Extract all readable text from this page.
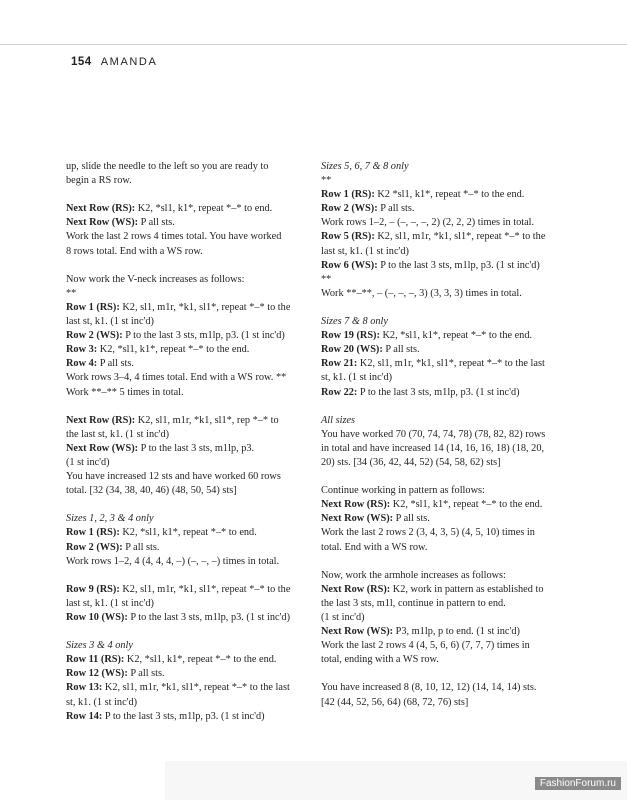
154 AMANDA
up, slide the needle to the left so you are ready to
begin a RS row.
Next Row (RS): K2, *sl1, k1*, repeat *–* to end.
Next Row (WS): P all sts.
Work the last 2 rows 4 times total. You have worked
8 rows total. End with a WS row.
Now work the V-neck increases as follows:
**
Row 1 (RS): K2, sl1, m1r, *k1, sl1*, repeat *–* to the
last st, k1. (1 st inc'd)
Row 2 (WS): P to the last 3 sts, m1lp, p3. (1 st inc'd)
Row 3: K2, *sl1, k1*, repeat *–* to the end.
Row 4: P all sts.
Work rows 3–4, 4 times total. End with a WS row. **
Work **–** 5 times in total.
Next Row (RS): K2, sl1, m1r, *k1, sl1*, rep *–* to
the last st, k1. (1 st inc'd)
Next Row (WS): P to the last 3 sts, m1lp, p3.
(1 st inc'd)
You have increased 12 sts and have worked 60 rows
total. [32 (34, 38, 40, 46) (48, 50, 54) sts]
Sizes 1, 2, 3 & 4 only
Row 1 (RS): K2, *sl1, k1*, repeat *–* to end.
Row 2 (WS): P all sts.
Work rows 1–2, 4 (4, 4, 4, –) (–, –, –) times in total.
Row 9 (RS): K2, sl1, m1r, *k1, sl1*, repeat *–* to the
last st, k1. (1 st inc'd)
Row 10 (WS): P to the last 3 sts, m1lp, p3. (1 st inc'd)
Sizes 3 & 4 only
Row 11 (RS): K2, *sl1, k1*, repeat *–* to the end.
Row 12 (WS): P all sts.
Row 13: K2, sl1, m1r, *k1, sl1*, repeat *–* to the last
st, k1. (1 st inc'd)
Row 14: P to the last 3 sts, m1lp, p3. (1 st inc'd)
Sizes 5, 6, 7 & 8 only
**
Row 1 (RS): K2 *sl1, k1*, repeat *–* to the end.
Row 2 (WS): P all sts.
Work rows 1–2, – (–, –, –, 2) (2, 2, 2) times in total.
Row 5 (RS): K2, sl1, m1r, *k1, sl1*, repeat *–* to the
last st, k1. (1 st inc'd)
Row 6 (WS): P to the last 3 sts, m1lp, p3. (1 st inc'd)
**
Work **–**, – (–, –, –, 3) (3, 3, 3) times in total.
Sizes 7 & 8 only
Row 19 (RS): K2, *sl1, k1*, repeat *–* to the end.
Row 20 (WS): P all sts.
Row 21: K2, sl1, m1r, *k1, sl1*, repeat *–* to the last
st, k1. (1 st inc'd)
Row 22: P to the last 3 sts, m1lp, p3. (1 st inc'd)
All sizes
You have worked 70 (70, 74, 74, 78) (78, 82, 82) rows
in total and have increased 14 (14, 16, 16, 18) (18, 20,
20) sts. [34 (36, 42, 44, 52) (54, 58, 62) sts]
Continue working in pattern as follows:
Next Row (RS): K2, *sl1, k1*, repeat *–* to the end.
Next Row (WS): P all sts.
Work the last 2 rows 2 (3, 4, 3, 5) (4, 5, 10) times in
total. End with a WS row.
Now, work the armhole increases as follows:
Next Row (RS): K2, work in pattern as established to
the last 3 sts, m1l, continue in pattern to end.
(1 st inc'd)
Next Row (WS): P3, m1lp, p to end. (1 st inc'd)
Work the last 2 rows 4 (4, 5, 6, 6) (7, 7, 7) times in
total, ending with a WS row.
You have increased 8 (8, 10, 12, 12) (14, 14, 14) sts.
[42 (44, 52, 56, 64) (68, 72, 76) sts]
FashionForum.ru
